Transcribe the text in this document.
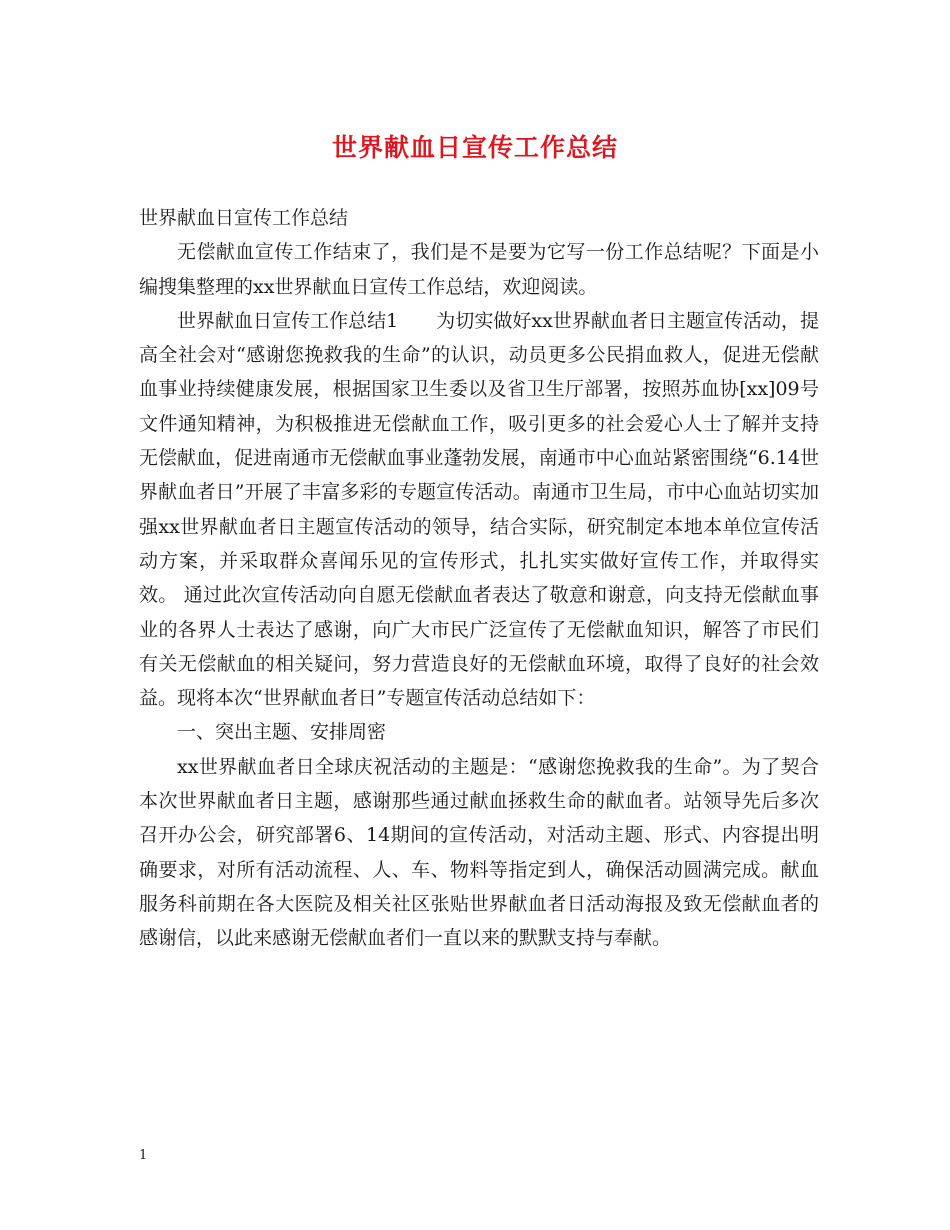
世界献血日宣传工作总结

世界献血日宣传工作总结

无偿献血宣传工作结束了，我们是不是要为它写一份工作总结呢？下面是小编搜集整理的xx世界献血日宣传工作总结，欢迎阅读。

世界献血日宣传工作总结1　　为切实做好xx世界献血者日主题宣传活动，提高全社会对“感谢您挽救我的生命”的认识，动员更多公民捐血救人，促进无偿献血事业持续健康发展，根据国家卫生委以及省卫生厅部署，按照苏血协[xx]09号文件通知精神，为积极推进无偿献血工作，吸引更多的社会爱心人士了解并支持无偿献血，促进南通市无偿献血事业蓬勃发展，南通市中心血站紧密围绕“6.14世界献血者日”开展了丰富多彩的专题宣传活动。南通市卫生局，市中心血站切实加强xx世界献血者日主题宣传活动的领导，结合实际，研究制定本地本单位宣传活动方案，并采取群众喜闻乐见的宣传形式，扎扎实实做好宣传工作，并取得实效。 通过此次宣传活动向自愿无偿献血者表达了敬意和谢意，向支持无偿献血事业的各界人士表达了感谢，向广大市民广泛宣传了无偿献血知识，解答了市民们有关无偿献血的相关疑问，努力营造良好的无偿献血环境，取得了良好的社会效益。现将本次“世界献血者日”专题宣传活动总结如下：

一、突出主题、安排周密

xx世界献血者日全球庆祝活动的主题是：“感谢您挽救我的生命”。为了契合本次世界献血者日主题，感谢那些通过献血拯救生命的献血者。站领导先后多次召开办公会，研究部署6、14期间的宣传活动，对活动主题、形式、内容提出明确要求，对所有活动流程、人、车、物料等指定到人，确保活动圆满完成。献血服务科前期在各大医院及相关社区张贴世界献血者日活动海报及致无偿献血者的感谢信，以此来感谢无偿献血者们一直以来的默默支持与奉献。

1
